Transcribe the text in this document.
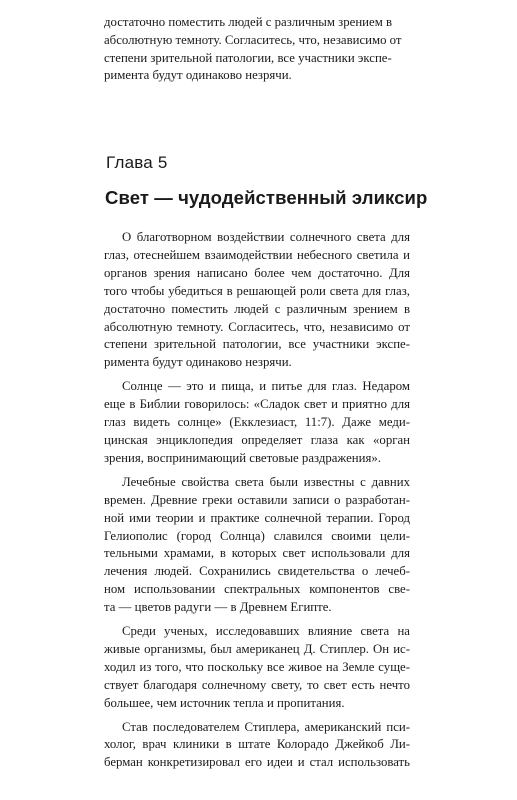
достаточно поместить людей с различным зрением в
абсолютную темноту. Согласитесь, что, независимо от
степени зрительной патологии, все участники экспе-
римента будут одинаково незрячи.
Глава 5
Свет — чудодейственный эликсир
О благотворном воздействии солнечного света для
глаз, отеснейшем взаимодействии небесного светила и
органов зрения написано более чем достаточно. Для
того чтобы убедиться в решающей роли света для глаз,
достаточно поместить людей с различным зрением в
абсолютную темноту. Согласитесь, что, независимо от
степени зрительной патологии, все участники экспе-
римента будут одинаково незрячи.
Солнце — это и пища, и питье для глаз. Недаром
еще в Библии говорилось: «Сладок свет и приятно для
глаз видеть солнце» (Екклезиаст, 11:7). Даже меди-
цинская энциклопедия определяет глаза как «орган
зрения, воспринимающий световые раздражения».
Лечебные свойства света были известны с давних
времен. Древние греки оставили записи о разработан-
ной ими теории и практике солнечной терапии. Город
Гелиополис (город Солнца) славился своими цели-
тельными храмами, в которых свет использовали для
лечения людей. Сохранились свидетельства о лечеб-
ном использовании спектральных компонентов све-
та — цветов радуги — в Древнем Египте.
Среди ученых, исследовавших влияние света на
живые организмы, был американец Д. Стиплер. Он ис-
ходил из того, что поскольку все живое на Земле суще-
ствует благодаря солнечному свету, то свет есть нечто
большее, чем источник тепла и пропитания.
Став последователем Стиплера, американский пси-
холог, врач клиники в штате Колорадо Джейкоб Ли-
берман конкретизировал его идеи и стал использовать
